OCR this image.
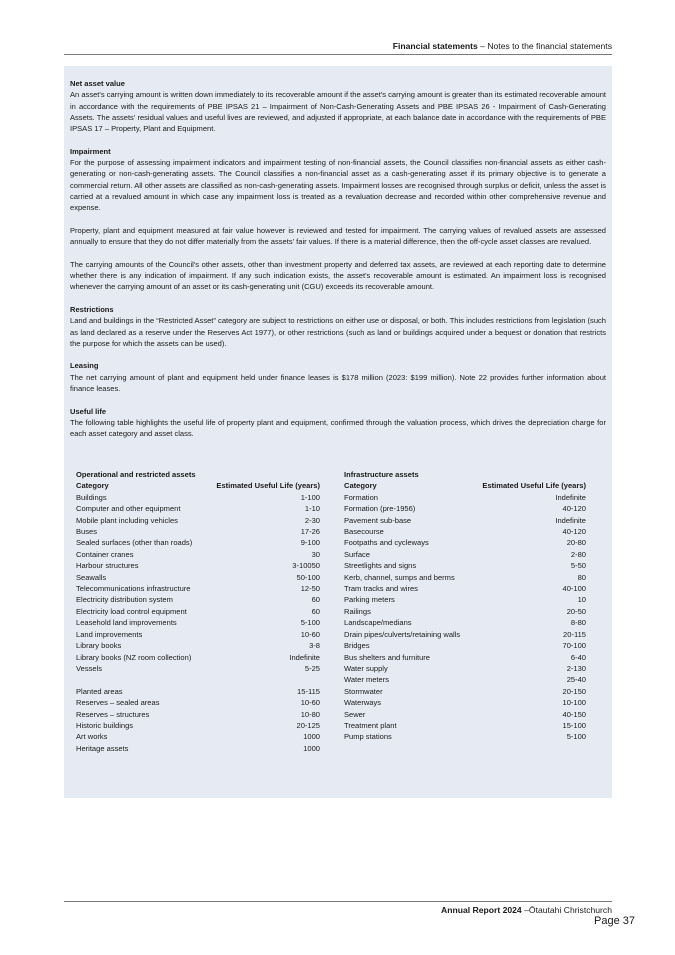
Financial statements – Notes to the financial statements
Net asset value
An asset's carrying amount is written down immediately to its recoverable amount if the asset's carrying amount is greater than its estimated recoverable amount in accordance with the requirements of PBE IPSAS 21 – Impairment of Non-Cash-Generating Assets and PBE IPSAS 26 - Impairment of Cash-Generating Assets. The assets' residual values and useful lives are reviewed, and adjusted if appropriate, at each balance date in accordance with the requirements of PBE IPSAS 17 – Property, Plant and Equipment.
Impairment
For the purpose of assessing impairment indicators and impairment testing of non-financial assets, the Council classifies non-financial assets as either cash-generating or non-cash-generating assets. The Council classifies a non-financial asset as a cash-generating asset if its primary objective is to generate a commercial return. All other assets are classified as non-cash-generating assets. Impairment losses are recognised through surplus or deficit, unless the asset is carried at a revalued amount in which case any impairment loss is treated as a revaluation decrease and recorded within other comprehensive revenue and expense.
Property, plant and equipment measured at fair value however is reviewed and tested for impairment. The carrying values of revalued assets are assessed annually to ensure that they do not differ materially from the assets' fair values. If there is a material difference, then the off-cycle asset classes are revalued.
The carrying amounts of the Council's other assets, other than investment property and deferred tax assets, are reviewed at each reporting date to determine whether there is any indication of impairment. If any such indication exists, the asset's recoverable amount is estimated. An impairment loss is recognised whenever the carrying amount of an asset or its cash-generating unit (CGU) exceeds its recoverable amount.
Restrictions
Land and buildings in the “Restricted Asset” category are subject to restrictions on either use or disposal, or both. This includes restrictions from legislation (such as land declared as a reserve under the Reserves Act 1977), or other restrictions (such as land or buildings acquired under a bequest or donation that restricts the purpose for which the assets can be used).
Leasing
The net carrying amount of plant and equipment held under finance leases is $178 million (2023: $199 million). Note 22 provides further information about finance leases.
Useful life
The following table highlights the useful life of property plant and equipment, confirmed through the valuation process, which drives the depreciation charge for each asset category and asset class.
Operational and restricted assets
Category	Estimated Useful Life (years)
Buildings	1-100
Computer and other equipment	1-10
Mobile plant including vehicles	2-30
Buses	17-26
Sealed surfaces (other than roads)	9-100
Container cranes	30
Harbour structures	3-10050
Seawalls	50-100
Telecommunications infrastructure	12-50
Electricity distribution system	60
Electricity load control equipment	60
Leasehold land improvements	5-100
Land improvements	10-60
Library books	3-8
Library books (NZ room collection)	Indefinite
Vessels	5-25
Planted areas	15-115
Reserves – sealed areas	10-60
Reserves – structures	10-80
Historic buildings	20-125
Art works	1000
Heritage assets	1000
Infrastructure assets
Category	Estimated Useful Life (years)
Formation	Indefinite
Formation (pre-1956)	40-120
Pavement sub-base	Indefinite
Basecourse	40-120
Footpaths and cycleways	20-80
Surface	2-80
Streetlights and signs	5-50
Kerb, channel, sumps and berms	80
Tram tracks and wires	40-100
Parking meters	10
Railings	20-50
Landscape/medians	8-80
Drain pipes/culverts/retaining walls	20-115
Bridges	70-100
Bus shelters and furniture	6-40
Water supply	2-130
Water meters	25-40
Stormwater	20-150
Waterways	10-100
Sewer	40-150
Treatment plant	15-100
Pump stations	5-100
Annual Report 2024 –Ōtautahi Christchurch
Page 37
